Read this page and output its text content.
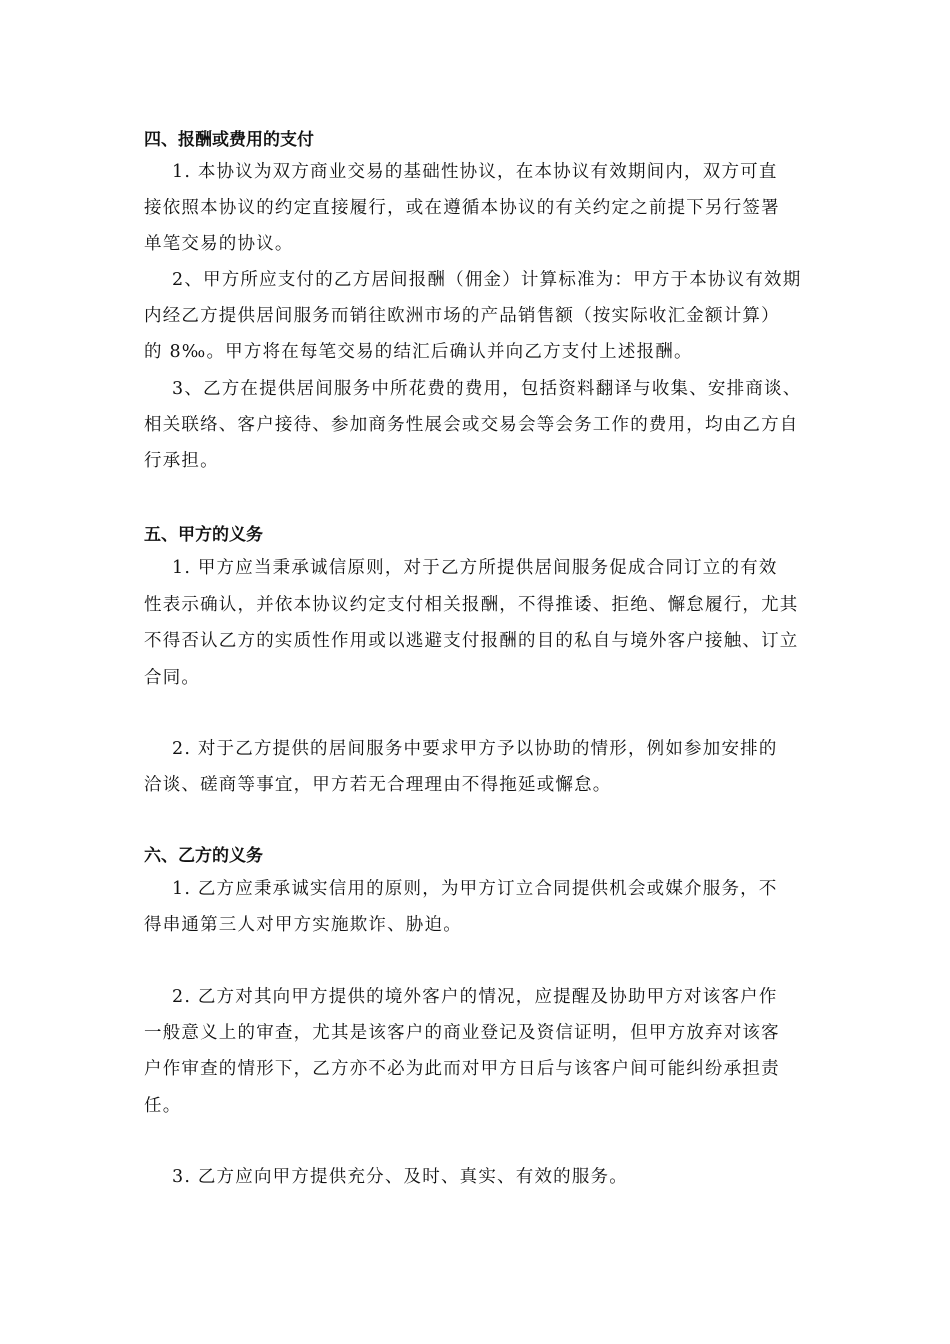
四、报酬或费用的支付
1. 本协议为双方商业交易的基础性协议，在本协议有效期间内，双方可直
接依照本协议的约定直接履行，或在遵循本协议的有关约定之前提下另行签署
单笔交易的协议。
2、甲方所应支付的乙方居间报酬（佣金）计算标准为：甲方于本协议有效期
内经乙方提供居间服务而销往欧洲市场的产品销售额（按实际收汇金额计算）
的 8‰。甲方将在每笔交易的结汇后确认并向乙方支付上述报酬。
3、乙方在提供居间服务中所花费的费用，包括资料翻译与收集、安排商谈、
相关联络、客户接待、参加商务性展会或交易会等会务工作的费用，均由乙方自
行承担。
五、甲方的义务
1. 甲方应当秉承诚信原则，对于乙方所提供居间服务促成合同订立的有效
性表示确认，并依本协议约定支付相关报酬，不得推诿、拒绝、懈怠履行，尤其
不得否认乙方的实质性作用或以逃避支付报酬的目的私自与境外客户接触、订立
合同。
2. 对于乙方提供的居间服务中要求甲方予以协助的情形，例如参加安排的
洽谈、磋商等事宜，甲方若无合理理由不得拖延或懈怠。
六、乙方的义务
1. 乙方应秉承诚实信用的原则，为甲方订立合同提供机会或媒介服务，不
得串通第三人对甲方实施欺诈、胁迫。
2. 乙方对其向甲方提供的境外客户的情况，应提醒及协助甲方对该客户作
一般意义上的审查，尤其是该客户的商业登记及资信证明，但甲方放弃对该客
户作审查的情形下，乙方亦不必为此而对甲方日后与该客户间可能纠纷承担责
任。
3. 乙方应向甲方提供充分、及时、真实、有效的服务。
